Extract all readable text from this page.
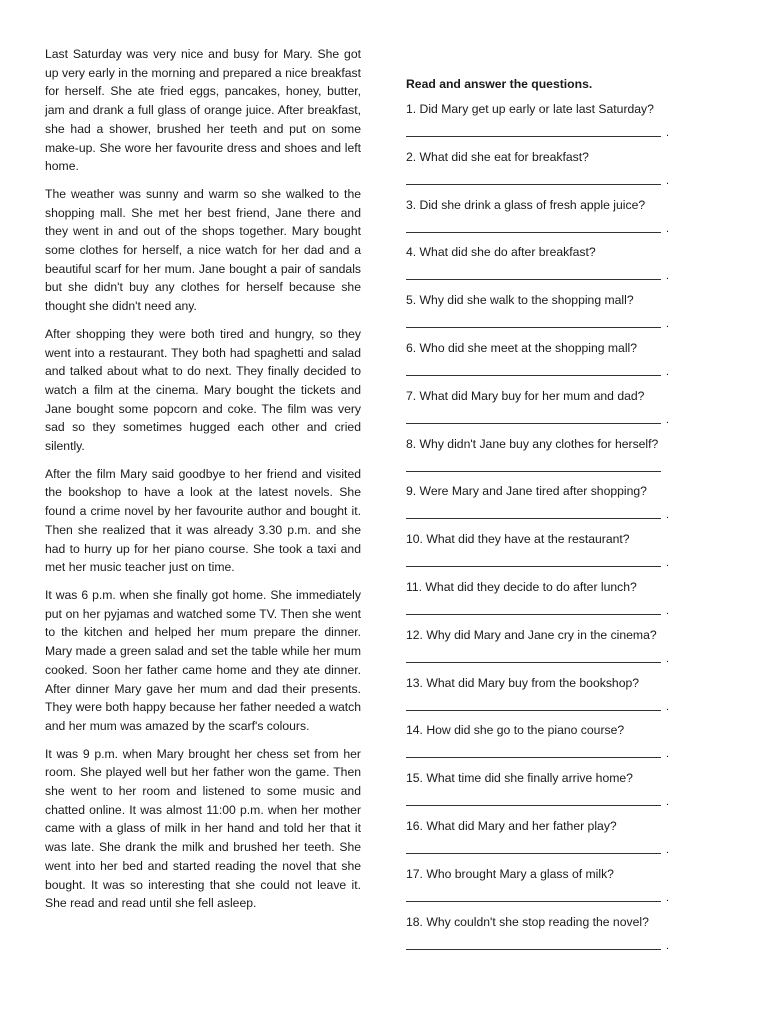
Last Saturday was very nice and busy for Mary. She got up very early in the morning and prepared a nice breakfast for herself. She ate fried eggs, pancakes, honey, butter, jam and drank a full glass of orange juice. After breakfast, she had a shower, brushed her teeth and put on some make-up. She wore her favourite dress and shoes and left home.

The weather was sunny and warm so she walked to the shopping mall. She met her best friend, Jane there and they went in and out of the shops together. Mary bought some clothes for herself, a nice watch for her dad and a beautiful scarf for her mum. Jane bought a pair of sandals but she didn't buy any clothes for herself because she thought she didn't need any.

After shopping they were both tired and hungry, so they went into a restaurant. They both had spaghetti and salad and talked about what to do next. They finally decided to watch a film at the cinema. Mary bought the tickets and Jane bought some popcorn and coke. The film was very sad so they sometimes hugged each other and cried silently.

After the film Mary said goodbye to her friend and visited the bookshop to have a look at the latest novels. She found a crime novel by her favourite author and bought it. Then she realized that it was already 3.30 p.m. and she had to hurry up for her piano course. She took a taxi and met her music teacher just on time.

It was 6 p.m. when she finally got home. She immediately put on her pyjamas and watched some TV. Then she went to the kitchen and helped her mum prepare the dinner. Mary made a green salad and set the table while her mum cooked. Soon her father came home and they ate dinner. After dinner Mary gave her mum and dad their presents. They were both happy because her father needed a watch and her mum was amazed by the scarf's colours.

It was 9 p.m. when Mary brought her chess set from her room. She played well but her father won the game. Then she went to her room and listened to some music and chatted online. It was almost 11:00 p.m. when her mother came with a glass of milk in her hand and told her that it was late. She drank the milk and brushed her teeth. She went into her bed and started reading the novel that she bought. It was so interesting that she could not leave it. She read and read until she fell asleep.

Read and answer the questions.
1. Did Mary get up early or late last Saturday?
.
2. What did she eat for breakfast?
.
3. Did she drink a glass of fresh apple juice?
.
4. What did she do after breakfast?
.
5. Why did she walk to the shopping mall?
.
6. Who did she meet at the shopping mall?
.
7. What did Mary buy for her mum and dad?
.
8. Why didn't Jane buy any clothes for herself?
9. Were Mary and Jane tired after shopping?
.
10. What did they have at the restaurant?
.
11. What did they decide to do after lunch?
.
12. Why did Mary and Jane cry in the cinema?
.
13. What did Mary buy from the bookshop?
.
14. How did she go to the piano course?
.
15. What time did she finally arrive home?
.
16. What did Mary and her father play?
.
17. Who brought Mary a glass of milk?
.
18. Why couldn't she stop reading the novel?
.
